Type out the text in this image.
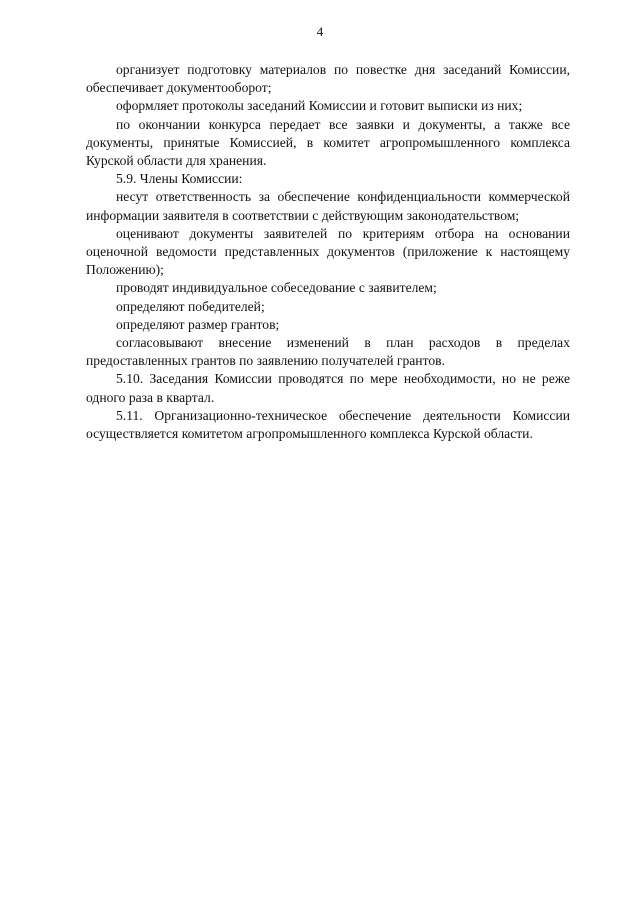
4

организует подготовку материалов по повестке дня заседаний Комиссии, обеспечивает документооборот;

оформляет протоколы заседаний Комиссии и готовит выписки из них;

по окончании конкурса передает все заявки и документы, а также все документы, принятые Комиссией, в комитет агропромышленного комплекса Курской области для хранения.

5.9. Члены Комиссии:

несут ответственность за обеспечение конфиденциальности коммерческой информации заявителя в соответствии с действующим законодательством;

оценивают документы заявителей по критериям отбора на основании оценочной ведомости представленных документов (приложение к настоящему Положению);

проводят индивидуальное собеседование с заявителем;

определяют победителей;

определяют размер грантов;

согласовывают внесение изменений в план расходов в пределах предоставленных грантов по заявлению получателей грантов.

5.10. Заседания Комиссии проводятся по мере необходимости, но не реже одного раза в квартал.

5.11. Организационно-техническое обеспечение деятельности Комиссии осуществляется комитетом агропромышленного комплекса Курской области.
